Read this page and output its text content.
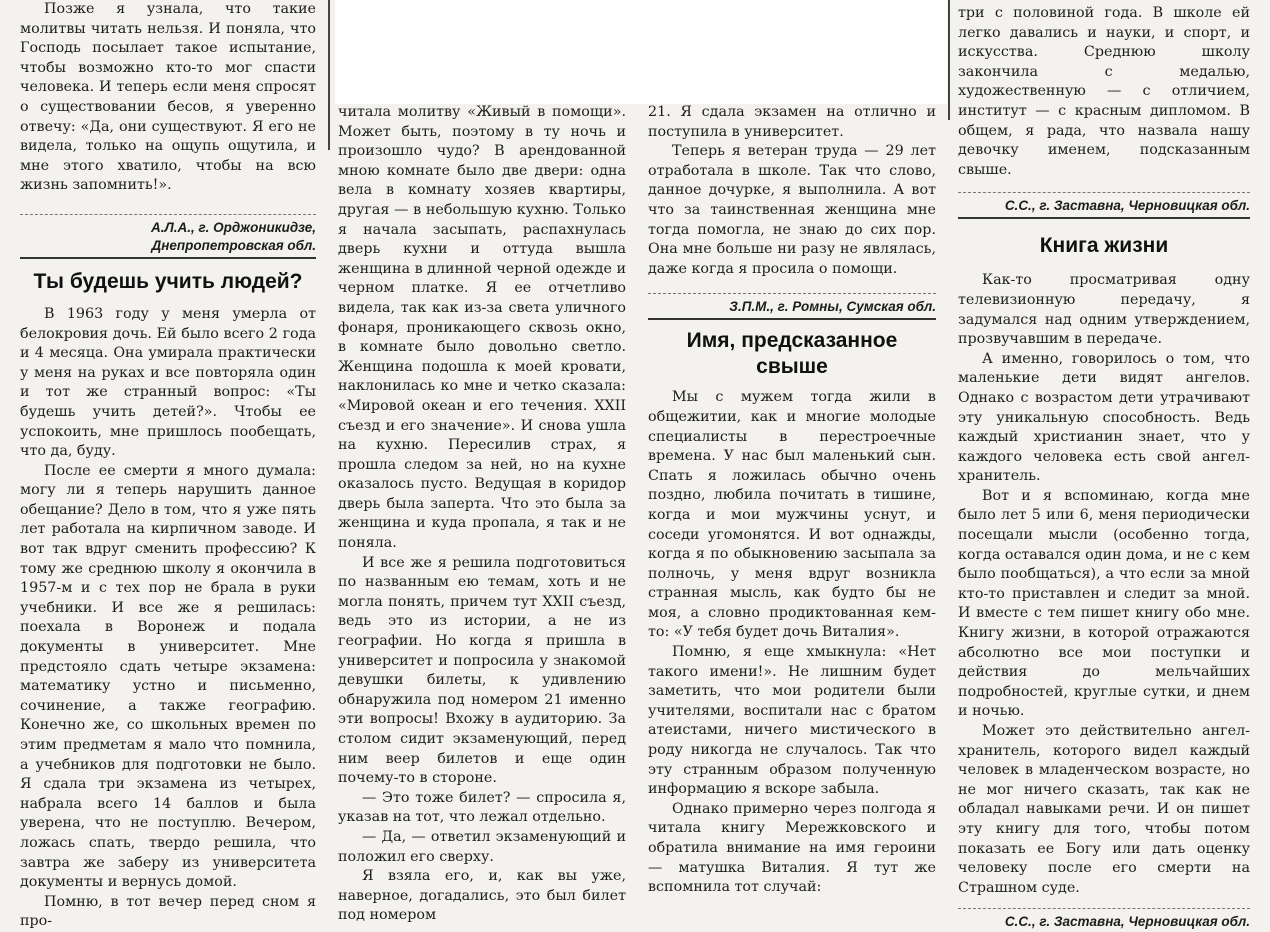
Позже я узнала, что такие молитвы читать нельзя. И поняла, что Господь посылает такое испытание, чтобы возможно кто-то мог спасти человека. И теперь если меня спросят о существовании бесов, я уверенно отвечу: «Да, они существуют. Я его не видела, только на ощупь ощутила, и мне этого хватило, чтобы на всю жизнь запомнить!».

А.Л.А., г. Орджоникидзе,
Днепропетровская обл.
Ты будешь учить людей?

В 1963 году у меня умерла от белокровия дочь. Ей было всего 2 года и 4 месяца. Она умирала практически у меня на руках и все повторяла один и тот же странный вопрос: «Ты будешь учить детей?». Чтобы ее успокоить, мне пришлось пообещать, что да, буду.

После ее смерти я много думала: могу ли я теперь нарушить данное обещание? Дело в том, что я уже пять лет работала на кирпичном заводе. И вот так вдруг сменить профессию? К тому же среднюю школу я окончила в 1957-м и с тех пор не брала в руки учебники. И все же я решилась: поехала в Воронеж и подала документы в университет. Мне предстояло сдать четыре экзамена: математику устно и письменно, сочинение, а также географию. Конечно же, со школьных времен по этим предметам я мало что помнила, а учебников для подготовки не было. Я сдала три экзамена из четырех, набрала всего 14 баллов и была уверена, что не поступлю. Вечером, ложась спать, твердо решила, что завтра же заберу из университета документы и вернусь домой.

Помню, в тот вечер перед сном я про-

читала молитву «Живый в помощи». Может быть, поэтому в ту ночь и произошло чудо? В арендованной мною комнате было две двери: одна вела в комнату хозяев квартиры, другая — в небольшую кухню. Только я начала засыпать, распахнулась дверь кухни и оттуда вышла женщина в длинной черной одежде и черном платке. Я ее отчетливо видела, так как из-за света уличного фонаря, проникающего сквозь окно, в комнате было довольно светло. Женщина подошла к моей кровати, наклонилась ко мне и четко сказала: «Мировой океан и его течения. XXII съезд и его значение». И снова ушла на кухню. Пересилив страх, я прошла следом за ней, но на кухне оказалось пусто. Ведущая в коридор дверь была заперта. Что это была за женщина и куда пропала, я так и не поняла.

И все же я решила подготовиться по названным ею темам, хоть и не могла понять, причем тут XXII съезд, ведь это из истории, а не из географии. Но когда я пришла в университет и попросила у знакомой девушки билеты, к удивлению обнаружила под номером 21 именно эти вопросы! Вхожу в аудиторию. За столом сидит экзаменующий, перед ним веер билетов и еще один почему-то в стороне.

— Это тоже билет? — спросила я, указав на тот, что лежал отдельно.

— Да, — ответил экзаменующий и положил его сверху.

Я взяла его, и, как вы уже, наверное, догадались, это был билет под номером

21. Я сдала экзамен на отлично и поступила в университет.

Теперь я ветеран труда — 29 лет отработала в школе. Так что слово, данное дочурке, я выполнила. А вот что за таинственная женщина мне тогда помогла, не знаю до сих пор. Она мне больше ни разу не являлась, даже когда я просила о помощи.

З.П.М., г. Ромны, Сумская обл.
Имя, предсказанное свыше

Мы с мужем тогда жили в общежитии, как и многие молодые специалисты в перестроечные времена. У нас был маленький сын. Спать я ложилась обычно очень поздно, любила почитать в тишине, когда и мои мужчины уснут, и соседи угомонятся. И вот однажды, когда я по обыкновению засыпала за полночь, у меня вдруг возникла странная мысль, как будто бы не моя, а словно продиктованная кем-то: «У тебя будет дочь Виталия».

Помню, я еще хмыкнула: «Нет такого имени!». Не лишним будет заметить, что мои родители были учителями, воспитали нас с братом атеистами, ничего мистического в роду никогда не случалось. Так что эту странным образом полученную информацию я вскоре забыла.

Однако примерно через полгода я читала книгу Мережковского и обратила внимание на имя героини — матушка Виталия. Я тут же вспомнила тот случай:

три с половиной года. В школе ей легко давались и науки, и спорт, и искусства. Среднюю школу закончила с медалью, художественную — с отличием, институт — с красным дипломом. В общем, я рада, что назвала нашу девочку именем, подсказанным свыше.

С.С., г. Заставна, Черновицкая обл.
Книга жизни

Как-то просматривая одну телевизионную передачу, я задумался над одним утверждением, прозвучавшим в передаче.

А именно, говорилось о том, что маленькие дети видят ангелов. Однако с возрастом дети утрачивают эту уникальную способность. Ведь каждый христианин знает, что у каждого человека есть свой ангел-хранитель.

Вот и я вспоминаю, когда мне было лет 5 или 6, меня периодически посещали мысли (особенно тогда, когда оставался один дома, и не с кем было пообщаться), а что если за мной кто-то приставлен и следит за мной. И вместе с тем пишет книгу обо мне. Книгу жизни, в которой отражаются абсолютно все мои поступки и действия до мельчайших подробностей, круглые сутки, и днем и ночью.

Может это действительно ангел-хранитель, которого видел каждый человек в младенческом возрасте, но не мог ничего сказать, так как не обладал навыками речи. И он пишет эту книгу для того, чтобы потом показать ее Богу или дать оценку человеку после его смерти на Страшном суде.

С.С., г. Заставна, Черновицкая обл.
